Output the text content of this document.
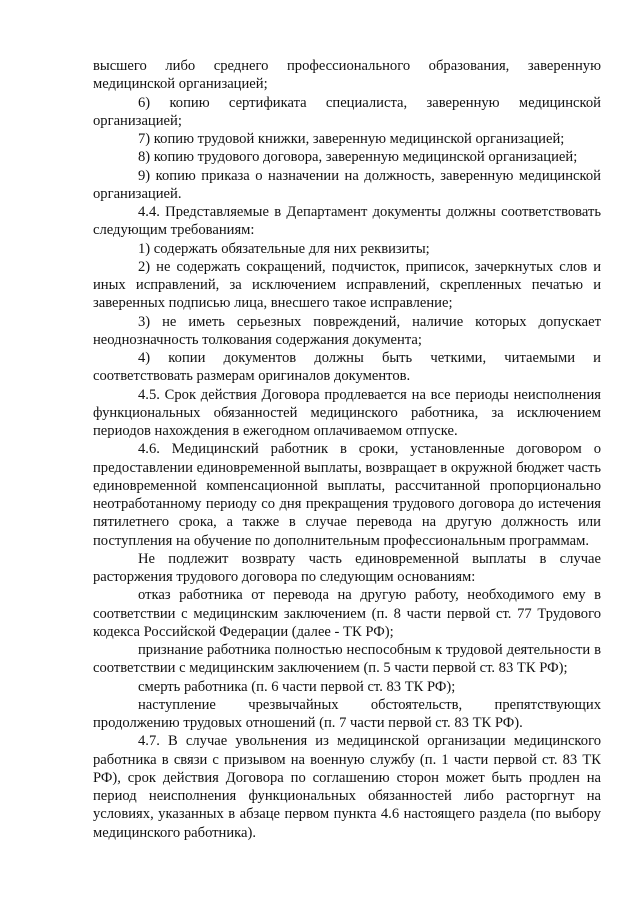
высшего либо среднего профессионального образования, заверенную медицинской организацией;

6) копию сертификата специалиста, заверенную медицинской организацией;

7) копию трудовой книжки, заверенную медицинской организацией;

8) копию трудового договора, заверенную медицинской организацией;

9) копию приказа о назначении на должность, заверенную медицинской организацией.

4.4. Представляемые в Департамент документы должны соответствовать следующим требованиям:

1) содержать обязательные для них реквизиты;

2) не содержать сокращений, подчисток, приписок, зачеркнутых слов и иных исправлений, за исключением исправлений, скрепленных печатью и заверенных подписью лица, внесшего такое исправление;

3) не иметь серьезных повреждений, наличие которых допускает неоднозначность толкования содержания документа;

4) копии документов должны быть четкими, читаемыми и соответствовать размерам оригиналов документов.

4.5. Срок действия Договора продлевается на все периоды неисполнения функциональных обязанностей медицинского работника, за исключением периодов нахождения в ежегодном оплачиваемом отпуске.

4.6. Медицинский работник в сроки, установленные договором о предоставлении единовременной выплаты, возвращает в окружной бюджет часть единовременной компенсационной выплаты, рассчитанной пропорционально неотработанному периоду со дня прекращения трудового договора до истечения пятилетнего срока, а также в случае перевода на другую должность или поступления на обучение по дополнительным профессиональным программам.

Не подлежит возврату часть единовременной выплаты в случае расторжения трудового договора по следующим основаниям:

отказ работника от перевода на другую работу, необходимого ему в соответствии с медицинским заключением (п. 8 части первой ст. 77 Трудового кодекса Российской Федерации (далее - ТК РФ);

признание работника полностью неспособным к трудовой деятельности в соответствии с медицинским заключением (п. 5 части первой ст. 83 ТК РФ);

смерть работника (п. 6 части первой ст. 83 ТК РФ);

наступление чрезвычайных обстоятельств, препятствующих продолжению трудовых отношений (п. 7 части первой ст. 83 ТК РФ).

4.7. В случае увольнения из медицинской организации медицинского работника в связи с призывом на военную службу (п. 1 части первой ст. 83 ТК РФ), срок действия Договора по соглашению сторон может быть продлен на период неисполнения функциональных обязанностей либо расторгнут на условиях, указанных в абзаце первом пункта 4.6 настоящего раздела (по выбору медицинского работника).
